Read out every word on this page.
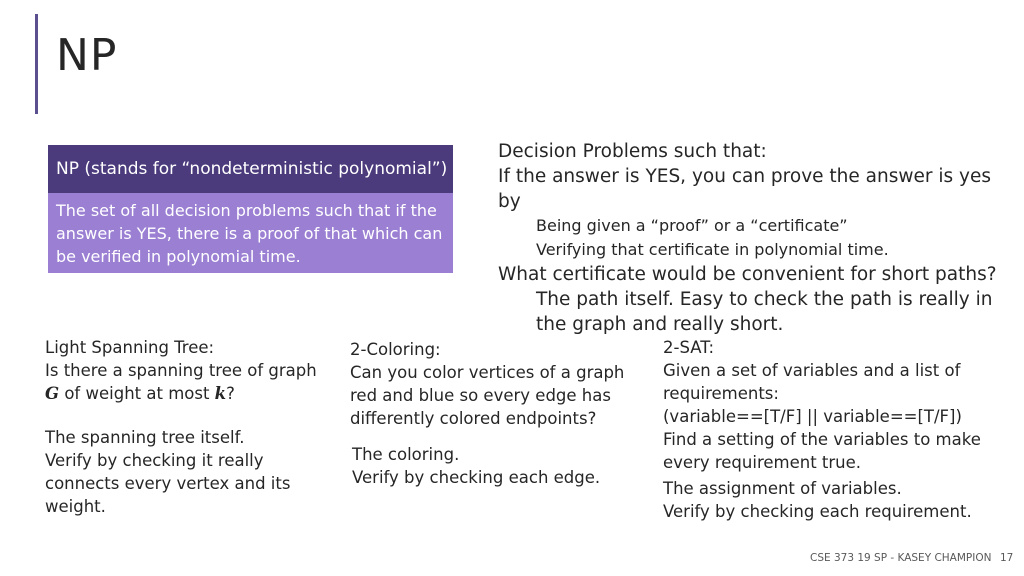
NP
NP (stands for “nondeterministic polynomial”)
The set of all decision problems such that if the answer is YES, there is a proof of that which can be verified in polynomial time.
Decision Problems such that:
If the answer is YES, you can prove the answer is yes by
Being given a “proof” or a “certificate”
Verifying that certificate in polynomial time.
What certificate would be convenient for short paths?
The path itself. Easy to check the path is really in the graph and really short.
Light Spanning Tree:
Is there a spanning tree of graph G of weight at most k?
The spanning tree itself.
Verify by checking it really connects every vertex and its weight.
2-Coloring:
Can you color vertices of a graph red and blue so every edge has differently colored endpoints?
The coloring.
Verify by checking each edge.
2-SAT:
Given a set of variables and a list of requirements:
(variable==[T/F] || variable==[T/F])
Find a setting of the variables to make every requirement true.
The assignment of variables.
Verify by checking each requirement.
CSE 373 19 SP - KASEY CHAMPION 17
